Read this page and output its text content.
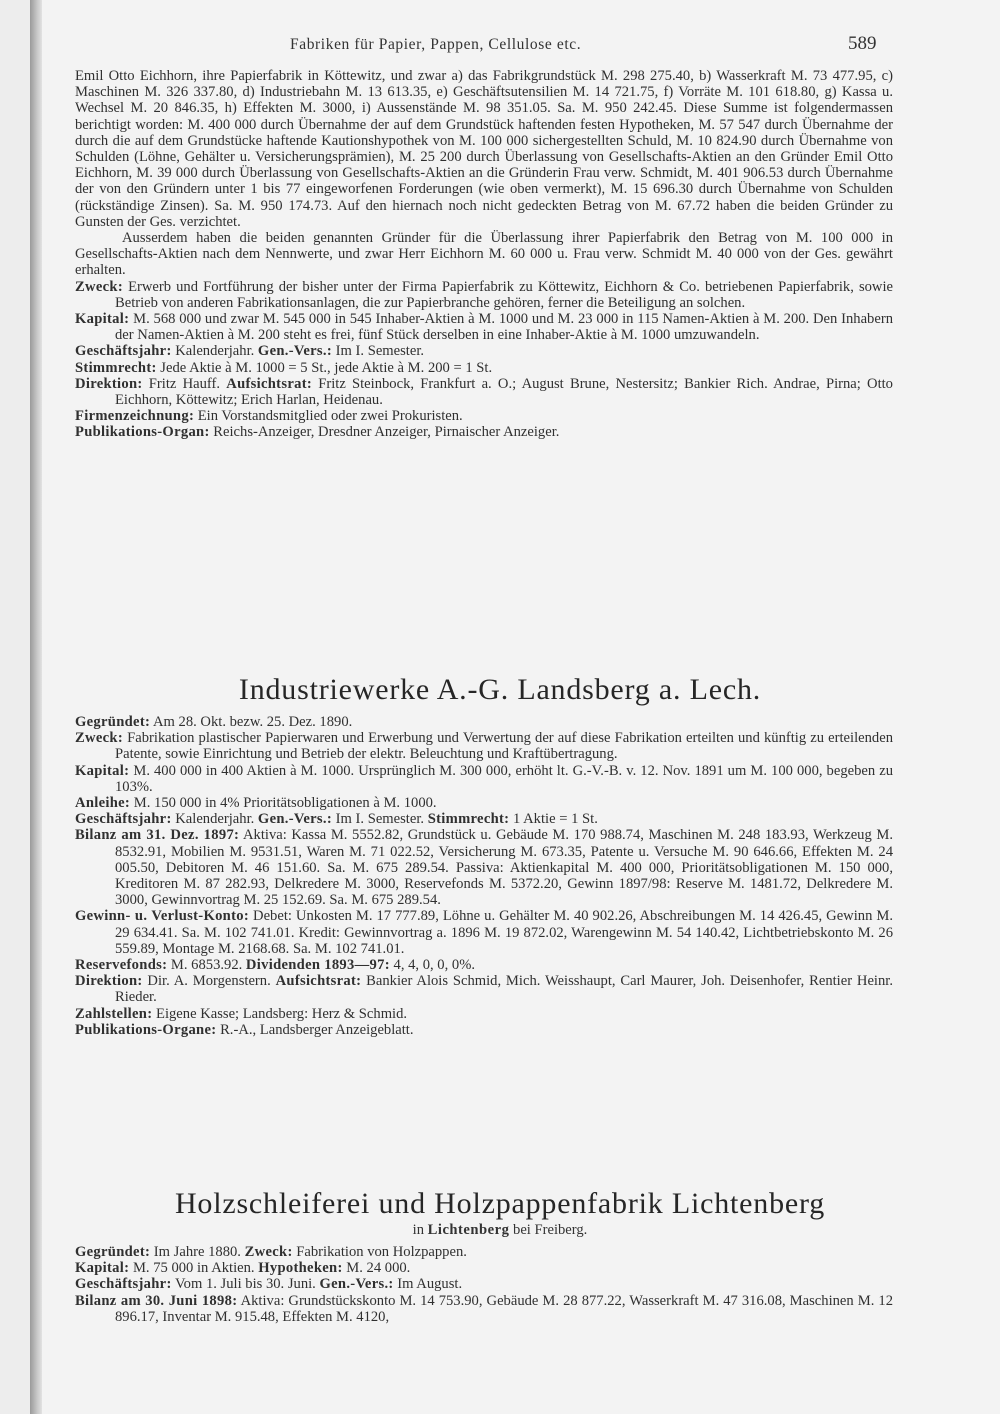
Fabriken für Papier, Pappen, Cellulose etc.	589

Emil Otto Eichhorn, ihre Papierfabrik in Köttewitz, und zwar a) das Fabrikgrundstück M. 298 275.40, b) Wasserkraft M. 73 477.95, c) Maschinen M. 326 337.80, d) Industriebahn M. 13 613.35, e) Geschäftsutensilien M. 14 721.75, f) Vorräte M. 101 618.80, g) Kassa u. Wechsel M. 20 846.35, h) Effekten M. 3000, i) Aussenstände M. 98 351.05. Sa. M. 950 242.45. Diese Summe ist folgendermassen berichtigt worden: M. 400 000 durch Übernahme der auf dem Grundstück haftenden festen Hypotheken, M. 57 547 durch Übernahme der durch die auf dem Grundstücke haftende Kautionshypothek von M. 100 000 sichergestellten Schuld, M. 10 824.90 durch Übernahme von Schulden (Löhne, Gehälter u. Versicherungsprämien), M. 25 200 durch Überlassung von Gesellschafts-Aktien an den Gründer Emil Otto Eichhorn, M. 39 000 durch Überlassung von Gesellschafts-Aktien an die Gründerin Frau verw. Schmidt, M. 401 906.53 durch Übernahme der von den Gründern unter 1 bis 77 eingeworfenen Forderungen (wie oben vermerkt), M. 15 696.30 durch Übernahme von Schulden (rückständige Zinsen). Sa. M. 950 174.73. Auf den hiernach noch nicht gedeckten Betrag von M. 67.72 haben die beiden Gründer zu Gunsten der Ges. verzichtet.

Ausserdem haben die beiden genannten Gründer für die Überlassung ihrer Papierfabrik den Betrag von M. 100 000 in Gesellschafts-Aktien nach dem Nennwerte, und zwar Herr Eichhorn M. 60 000 u. Frau verw. Schmidt M. 40 000 von der Ges. gewährt erhalten.

Zweck: Erwerb und Fortführung der bisher unter der Firma Papierfabrik zu Köttewitz, Eichhorn & Co. betriebenen Papierfabrik, sowie Betrieb von anderen Fabrikationsanlagen, die zur Papierbranche gehören, ferner die Beteiligung an solchen.

Kapital: M. 568 000 und zwar M. 545 000 in 545 Inhaber-Aktien à M. 1000 und M. 23 000 in 115 Namen-Aktien à M. 200. Den Inhabern der Namen-Aktien à M. 200 steht es frei, fünf Stück derselben in eine Inhaber-Aktie à M. 1000 umzuwandeln.

Geschäftsjahr: Kalenderjahr. Gen.-Vers.: Im I. Semester.

Stimmrecht: Jede Aktie à M. 1000 = 5 St., jede Aktie à M. 200 = 1 St.

Direktion: Fritz Hauff. Aufsichtsrat: Fritz Steinbock, Frankfurt a. O.; August Brune, Nestersitz; Bankier Rich. Andrae, Pirna; Otto Eichhorn, Köttewitz; Erich Harlan, Heidenau.

Firmenzeichnung: Ein Vorstandsmitglied oder zwei Prokuristen.

Publikations-Organ: Reichs-Anzeiger, Dresdner Anzeiger, Pirnaischer Anzeiger.

Industriewerke A.-G. Landsberg a. Lech.

Gegründet: Am 28. Okt. bezw. 25. Dez. 1890.

Zweck: Fabrikation plastischer Papierwaren und Erwerbung und Verwertung der auf diese Fabrikation erteilten und künftig zu erteilenden Patente, sowie Einrichtung und Betrieb der elektr. Beleuchtung und Kraftübertragung.

Kapital: M. 400 000 in 400 Aktien à M. 1000. Ursprünglich M. 300 000, erhöht lt. G.-V.-B. v. 12. Nov. 1891 um M. 100 000, begeben zu 103%.

Anleihe: M. 150 000 in 4% Prioritätsobligationen à M. 1000.

Geschäftsjahr: Kalenderjahr. Gen.-Vers.: Im I. Semester. Stimmrecht: 1 Aktie = 1 St.

Bilanz am 31. Dez. 1897: Aktiva: Kassa M. 5552.82, Grundstück u. Gebäude M. 170 988.74, Maschinen M. 248 183.93, Werkzeug M. 8532.91, Mobilien M. 9531.51, Waren M. 71 022.52, Versicherung M. 673.35, Patente u. Versuche M. 90 646.66, Effekten M. 24 005.50, Debitoren M. 46 151.60. Sa. M. 675 289.54. Passiva: Aktienkapital M. 400 000, Prioritätsobligationen M. 150 000, Kreditoren M. 87 282.93, Delkredere M. 3000, Reservefonds M. 5372.20, Gewinn 1897/98: Reserve M. 1481.72, Delkredere M. 3000, Gewinnvortrag M. 25 152.69. Sa. M. 675 289.54.

Gewinn- u. Verlust-Konto: Debet: Unkosten M. 17 777.89, Löhne u. Gehälter M. 40 902.26, Abschreibungen M. 14 426.45, Gewinn M. 29 634.41. Sa. M. 102 741.01. Kredit: Gewinnvortrag a. 1896 M. 19 872.02, Warengewinn M. 54 140.42, Lichtbetriebskonto M. 26 559.89, Montage M. 2168.68. Sa. M. 102 741.01.

Reservefonds: M. 6853.92. Dividenden 1893—97: 4, 4, 0, 0, 0%.

Direktion: Dir. A. Morgenstern. Aufsichtsrat: Bankier Alois Schmid, Mich. Weisshaupt, Carl Maurer, Joh. Deisenhofer, Rentier Heinr. Rieder.

Zahlstellen: Eigene Kasse; Landsberg: Herz & Schmid.

Publikations-Organe: R.-A., Landsberger Anzeigeblatt.

Holzschleiferei und Holzpappenfabrik Lichtenberg
in Lichtenberg bei Freiberg.

Gegründet: Im Jahre 1880. Zweck: Fabrikation von Holzpappen.

Kapital: M. 75 000 in Aktien. Hypotheken: M. 24 000.

Geschäftsjahr: Vom 1. Juli bis 30. Juni. Gen.-Vers.: Im August.

Bilanz am 30. Juni 1898: Aktiva: Grundstückskonto M. 14 753.90, Gebäude M. 28 877.22, Wasserkraft M. 47 316.08, Maschinen M. 12 896.17, Inventar M. 915.48, Effekten M. 4120,
